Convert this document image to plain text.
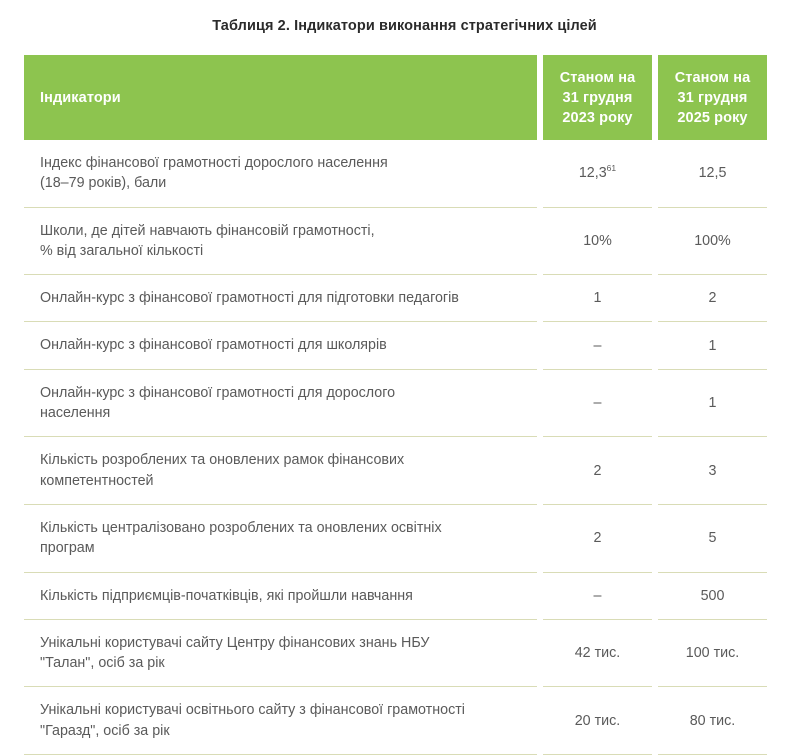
Таблиця 2. Індикатори виконання стратегічних цілей
Індикатори		Станом на
31 грудня
2023 року		Станом на
31 грудня
2025 року

Індекс фінансової грамотності дорослого населення
(18–79 років), бали		12,3$^{61}$		12,5
Школи, де дітей навчають фінансовій грамотності,
% від загальної кількості		10%		100%
Онлайн-курс з фінансової грамотності для підготовки педагогів		1		2
Онлайн-курс з фінансової грамотності для школярів		–		1
Онлайн-курс з фінансової грамотності для дорослого
населення		–		1
Кількість розроблених та оновлених рамок фінансових
компетентностей		2		3
Кількість централізовано розроблених та оновлених освітніх
програм		2		5
Кількість підприємців-початківців, які пройшли навчання		–		500
Унікальні користувачі сайту Центру фінансових знань НБУ
"Талан", осіб за рік		42 тис.		100 тис.
Унікальні користувачі освітнього сайту з фінансової грамотності
"Гаразд", осіб за рік		20 тис.		80 тис.
